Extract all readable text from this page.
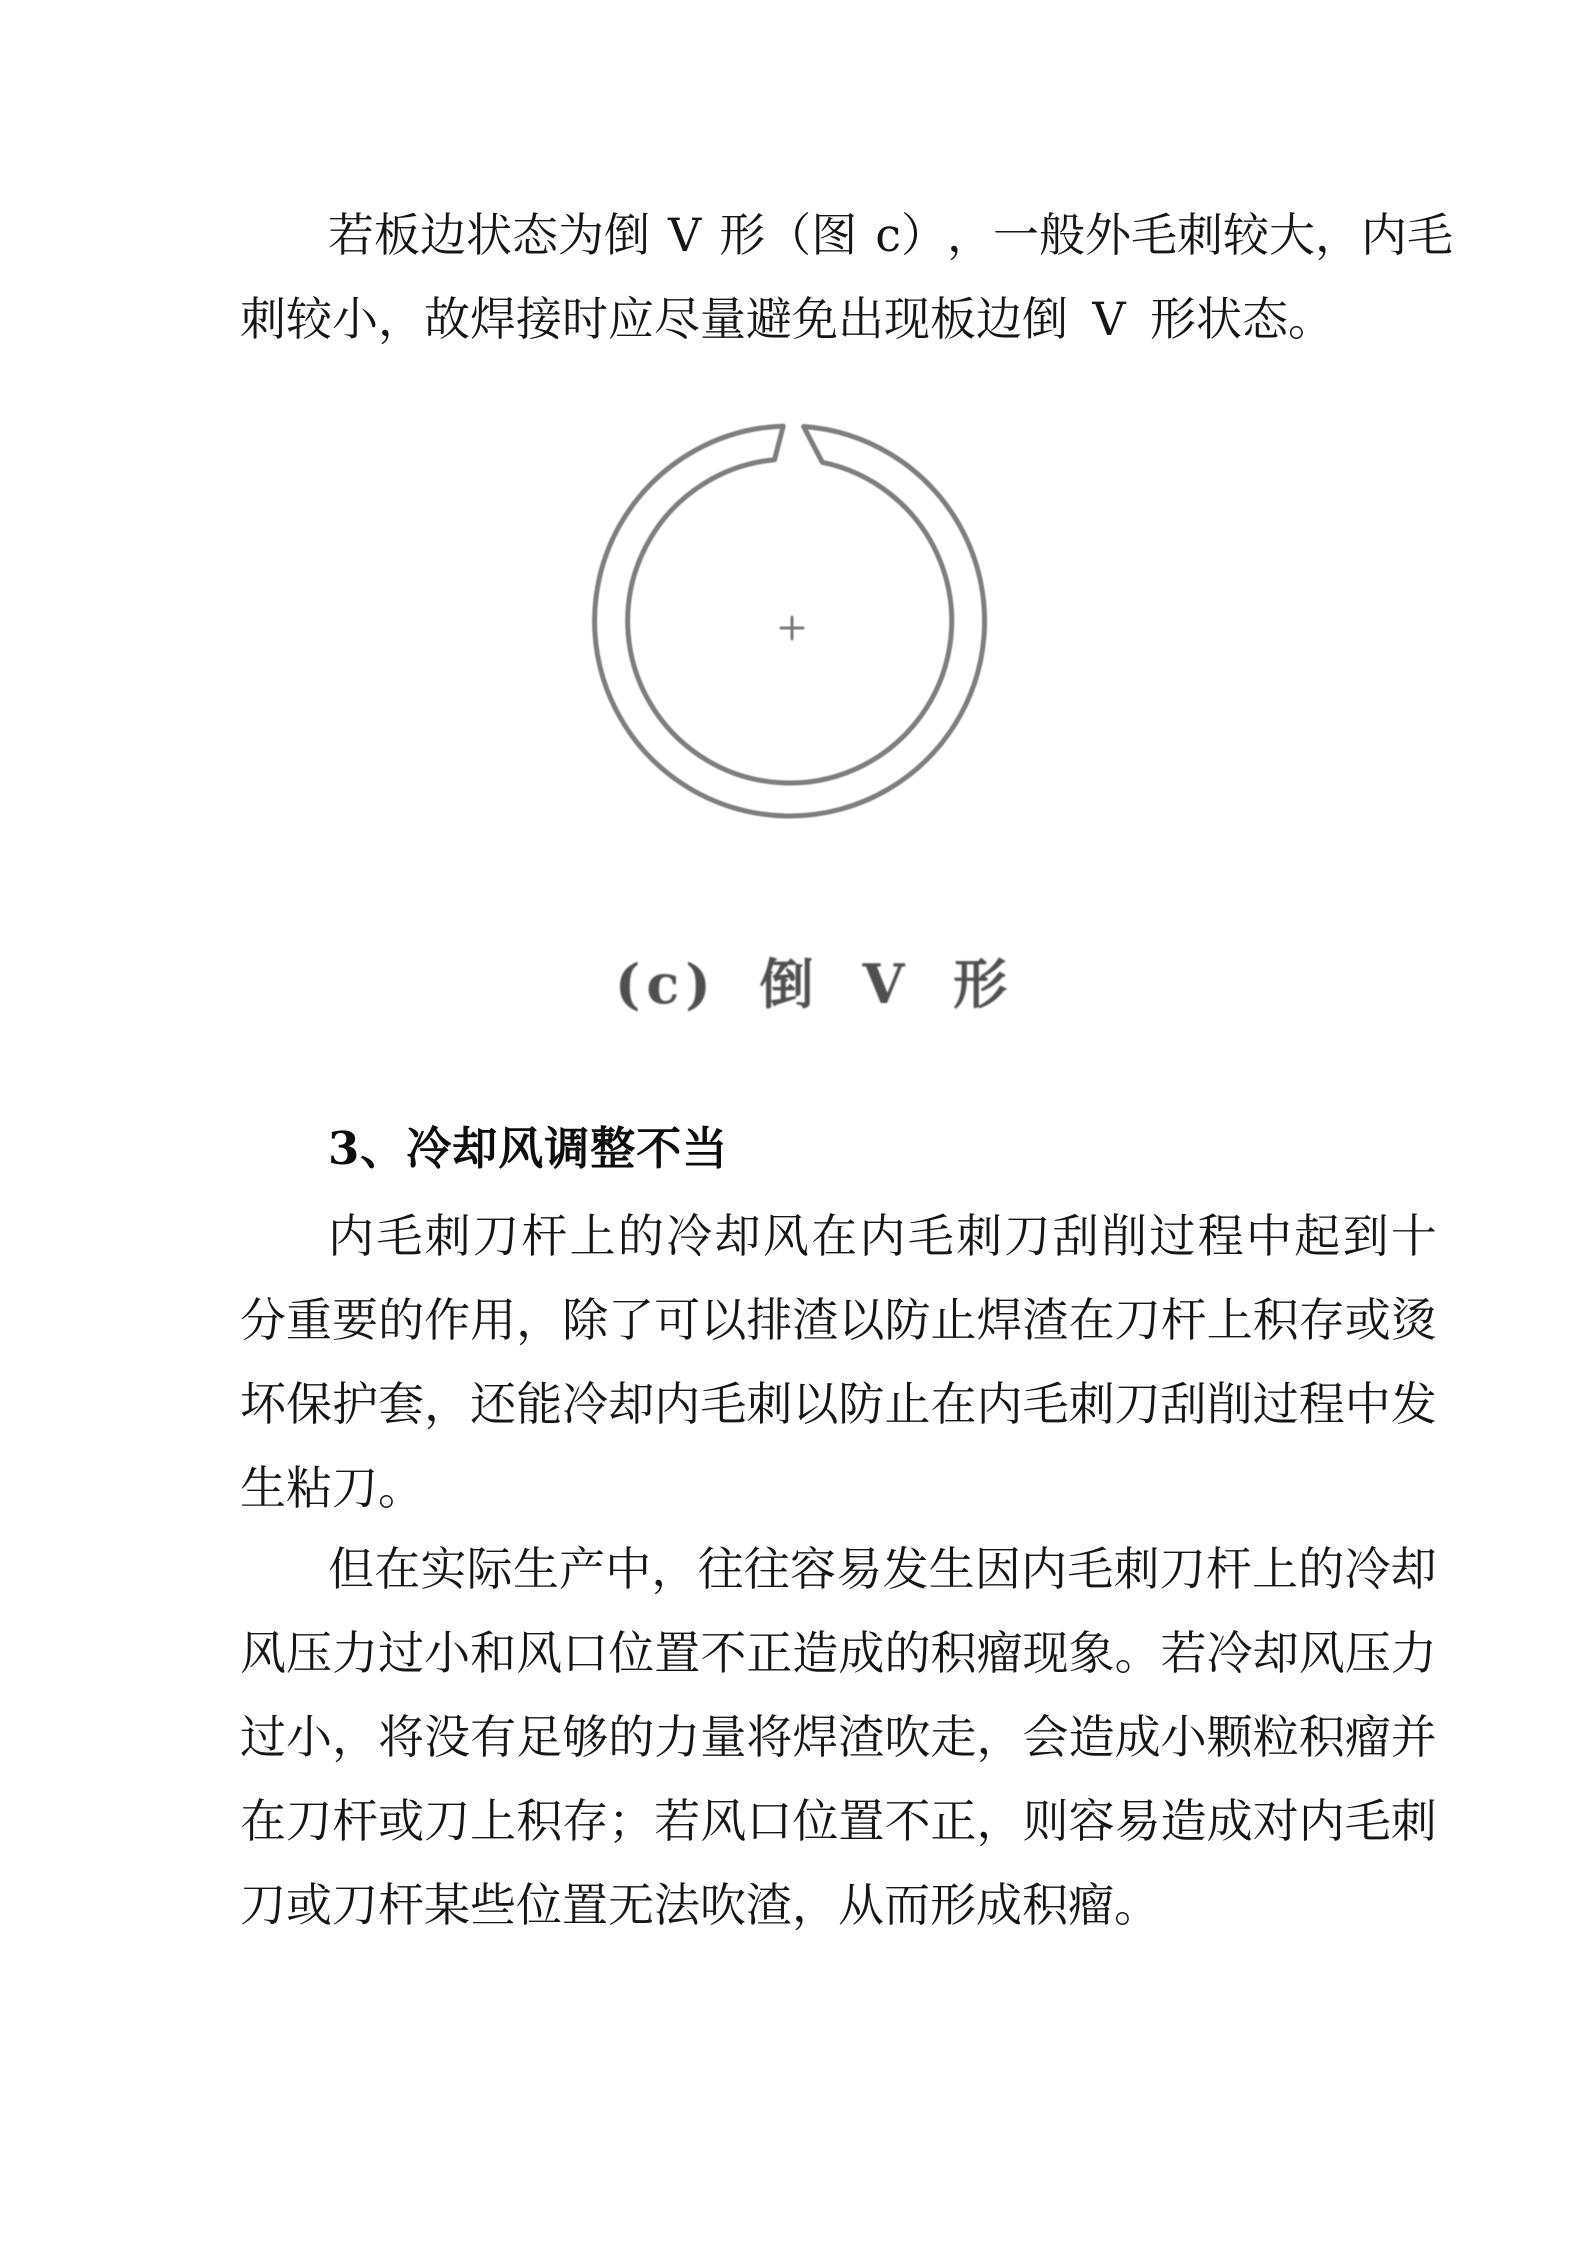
若 板 边 状 态 为 倒 V 形 （ 图 c ） ， 一 般 外 毛 刺 较 大 ， 内 毛
刺较小，故焊接时应尽量避免出现板边倒 V 形状态。
(c) 倒 V 形
3、冷却风调整不当
内 毛 刺 刀 杆 上 的 冷 却 风 在 内 毛 刺 刀 刮 削 过 程 中 起 到 十
分 重 要 的 作 用 ， 除 了 可 以 排 渣 以 防 止 焊 渣 在 刀 杆 上 积 存 或 烫
坏 保 护 套 ， 还 能 冷 却 内 毛 刺 以 防 止 在 内 毛 刺 刀 刮 削 过 程 中 发
生粘刀。
但 在 实 际 生 产 中 ， 往 往 容 易 发 生 因 内 毛 刺 刀 杆 上 的 冷 却
风 压 力 过 小 和 风 口 位 置 不 正 造 成 的 积 瘤 现 象 。 若 冷 却 风 压 力
过 小 ， 将 没 有 足 够 的 力 量 将 焊 渣 吹 走 ， 会 造 成 小 颗 粒 积 瘤 并
在 刀 杆 或 刀 上 积 存 ； 若 风 口 位 置 不 正 ， 则 容 易 造 成 对 内 毛 刺
刀或刀杆某些位置无法吹渣，从而形成积瘤。
